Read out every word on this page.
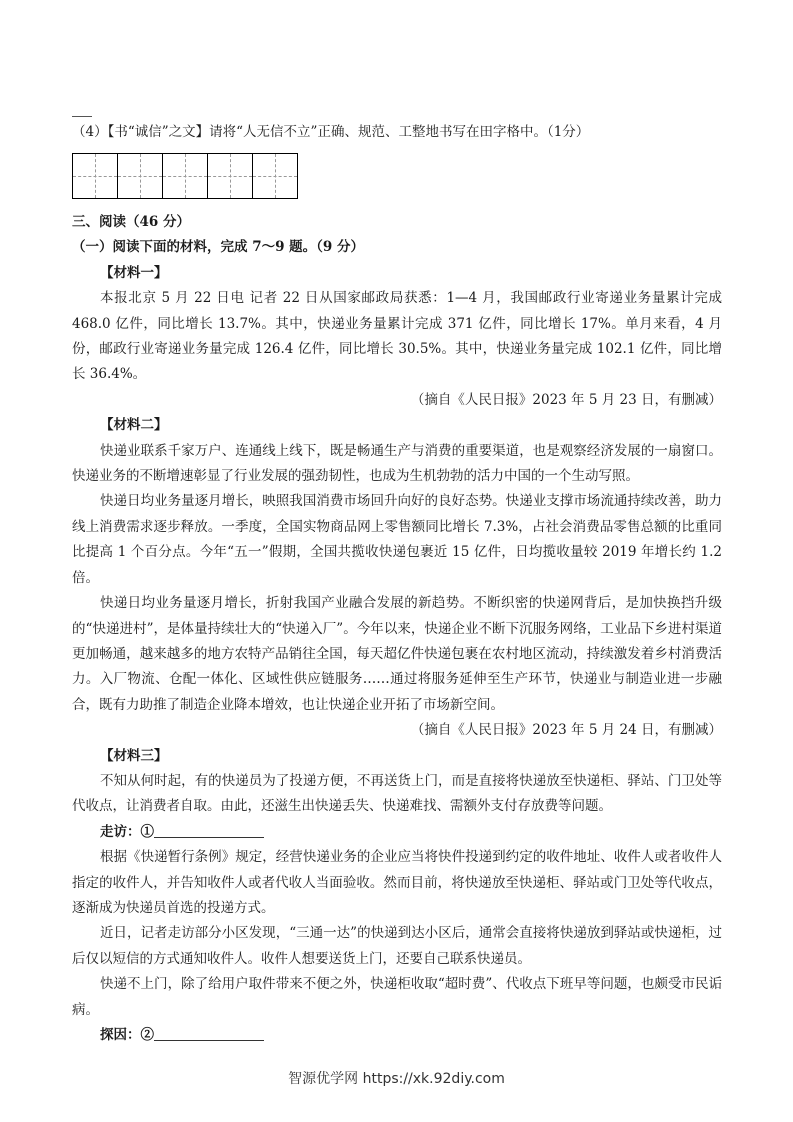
（4）【书“诚信”之文】请将“人无信不立”正确、规范、工整地书写在田字格中。（1分）

三、阅读（46 分）

（一）阅读下面的材料，完成 7～9 题。（9 分）

【材料一】

本报北京 5 月 22 日电 记者 22 日从国家邮政局获悉：1—4 月，我国邮政行业寄递业务量累计完成 468.0 亿件，同比增长 13.7%。其中，快递业务量累计完成 371 亿件，同比增长 17%。单月来看，4 月份，邮政行业寄递业务量完成 126.4 亿件，同比增长 30.5%。其中，快递业务量完成 102.1 亿件，同比增长 36.4%。

（摘自《人民日报》2023 年 5 月 23 日，有删减）

【材料二】

快递业联系千家万户、连通线上线下，既是畅通生产与消费的重要渠道，也是观察经济发展的一扇窗口。快递业务的不断增速彰显了行业发展的强劲韧性，也成为生机勃勃的活力中国的一个生动写照。

快递日均业务量逐月增长，映照我国消费市场回升向好的良好态势。快递业支撑市场流通持续改善，助力线上消费需求逐步释放。一季度，全国实物商品网上零售额同比增长 7.3%，占社会消费品零售总额的比重同比提高 1 个百分点。今年“五一”假期，全国共揽收快递包裹近 15 亿件，日均揽收量较 2019 年增长约 1.2 倍。

快递日均业务量逐月增长，折射我国产业融合发展的新趋势。不断织密的快递网背后，是加快换挡升级的“快递进村”，是体量持续壮大的“快递入厂”。今年以来，快递企业不断下沉服务网络，工业品下乡进村渠道更加畅通，越来越多的地方农特产品销往全国，每天超亿件快递包裹在农村地区流动，持续激发着乡村消费活力。入厂物流、仓配一体化、区域性供应链服务……通过将服务延伸至生产环节，快递业与制造业进一步融合，既有力助推了制造企业降本增效，也让快递企业开拓了市场新空间。

（摘自《人民日报》2023 年 5 月 24 日，有删减）

【材料三】

不知从何时起，有的快递员为了投递方便，不再送货上门，而是直接将快递放至快递柜、驿站、门卫处等代收点，让消费者自取。由此，还滋生出快递丢失、快递难找、需额外支付存放费等问题。

走访：①

根据《快递暂行条例》规定，经营快递业务的企业应当将快件投递到约定的收件地址、收件人或者收件人指定的收件人，并告知收件人或者代收人当面验收。然而目前，将快递放至快递柜、驿站或门卫处等代收点，逐渐成为快递员首选的投递方式。

近日，记者走访部分小区发现，“三通一达”的快递到达小区后，通常会直接将快递放到驿站或快递柜，过后仅以短信的方式通知收件人。收件人想要送货上门，还要自己联系快递员。

快递不上门，除了给用户取件带来不便之外，快递柜收取“超时费”、代收点下班早等问题，也颇受市民诟病。

探因：②

智源优学网 https://xk.92diy.com
